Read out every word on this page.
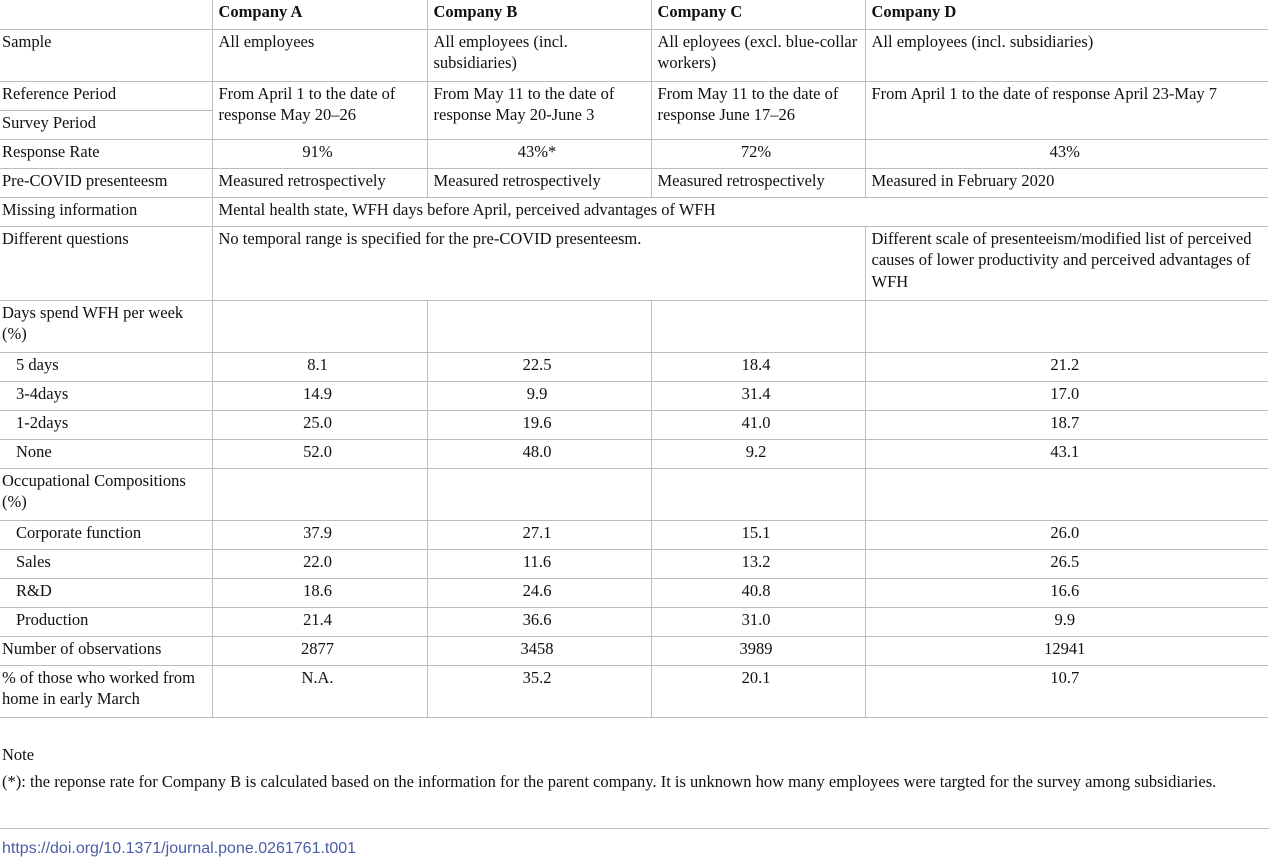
	Company A	Company B	Company C	Company D
Sample	All employees	All employees (incl. subsidiaries)	All eployees (excl. blue-collar workers)	All employees (incl. subsidiaries)
Reference Period	From April 1 to the date of response May 20–26	From May 11 to the date of response May 20-June 3	From May 11 to the date of response June 17–26	From April 1 to the date of response April 23-May 7
Survey Period				
Response Rate	91%	43%*	72%	43%
Pre-COVID presenteesm	Measured retrospectively	Measured retrospectively	Measured retrospectively	Measured in February 2020
Missing information	Mental health state, WFH days before April, perceived advantages of WFH			
Different questions	No temporal range is specified for the pre-COVID presenteesm.			Different scale of presenteeism/modified list of perceived causes of lower productivity and perceived advantages of WFH
Days spend WFH per week (%)				
5 days	8.1	22.5	18.4	21.2
3-4days	14.9	9.9	31.4	17.0
1-2days	25.0	19.6	41.0	18.7
None	52.0	48.0	9.2	43.1
Occupational Compositions (%)				
Corporate function	37.9	27.1	15.1	26.0
Sales	22.0	11.6	13.2	26.5
R&D	18.6	24.6	40.8	16.6
Production	21.4	36.6	31.0	9.9
Number of observations	2877	3458	3989	12941
% of those who worked from home in early March	N.A.	35.2	20.1	10.7
Note
(*): the reponse rate for Company B is calculated based on the information for the parent company. It is unknown how many employees were targted for the survey among subsidiaries.
https://doi.org/10.1371/journal.pone.0261761.t001
